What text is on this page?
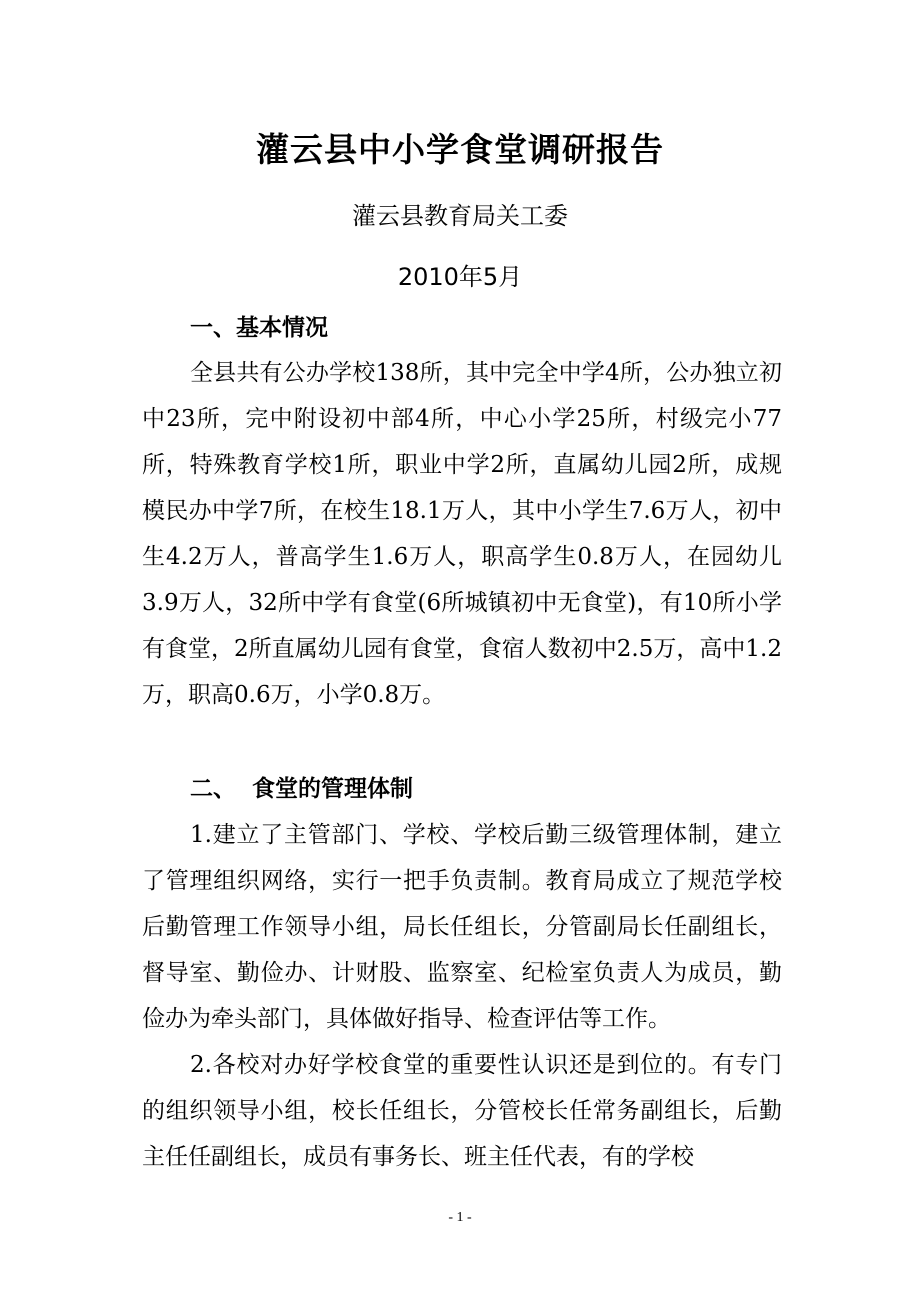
灌云县中小学食堂调研报告
灌云县教育局关工委
2010年5月
一、基本情况

全县共有公办学校138所，其中完全中学4所，公办独立初中23所，完中附设初中部4所，中心小学25所，村级完小77所，特殊教育学校1所，职业中学2所，直属幼儿园2所，成规模民办中学7所，在校生18.1万人，其中小学生7.6万人，初中生4.2万人，普高学生1.6万人，职高学生0.8万人，在园幼儿3.9万人，32所中学有食堂(6所城镇初中无食堂)，有10所小学有食堂，2所直属幼儿园有食堂，食宿人数初中2.5万，高中1.2万，职高0.6万，小学0.8万。

二、  食堂的管理体制

1.建立了主管部门、学校、学校后勤三级管理体制，建立了管理组织网络，实行一把手负责制。教育局成立了规范学校后勤管理工作领导小组，局长任组长，分管副局长任副组长，督导室、勤俭办、计财股、监察室、纪检室负责人为成员，勤俭办为牵头部门，具体做好指导、检查评估等工作。

2.各校对办好学校食堂的重要性认识还是到位的。有专门的组织领导小组，校长任组长，分管校长任常务副组长，后勤主任任副组长，成员有事务长、班主任代表，有的学校

- 1 -
